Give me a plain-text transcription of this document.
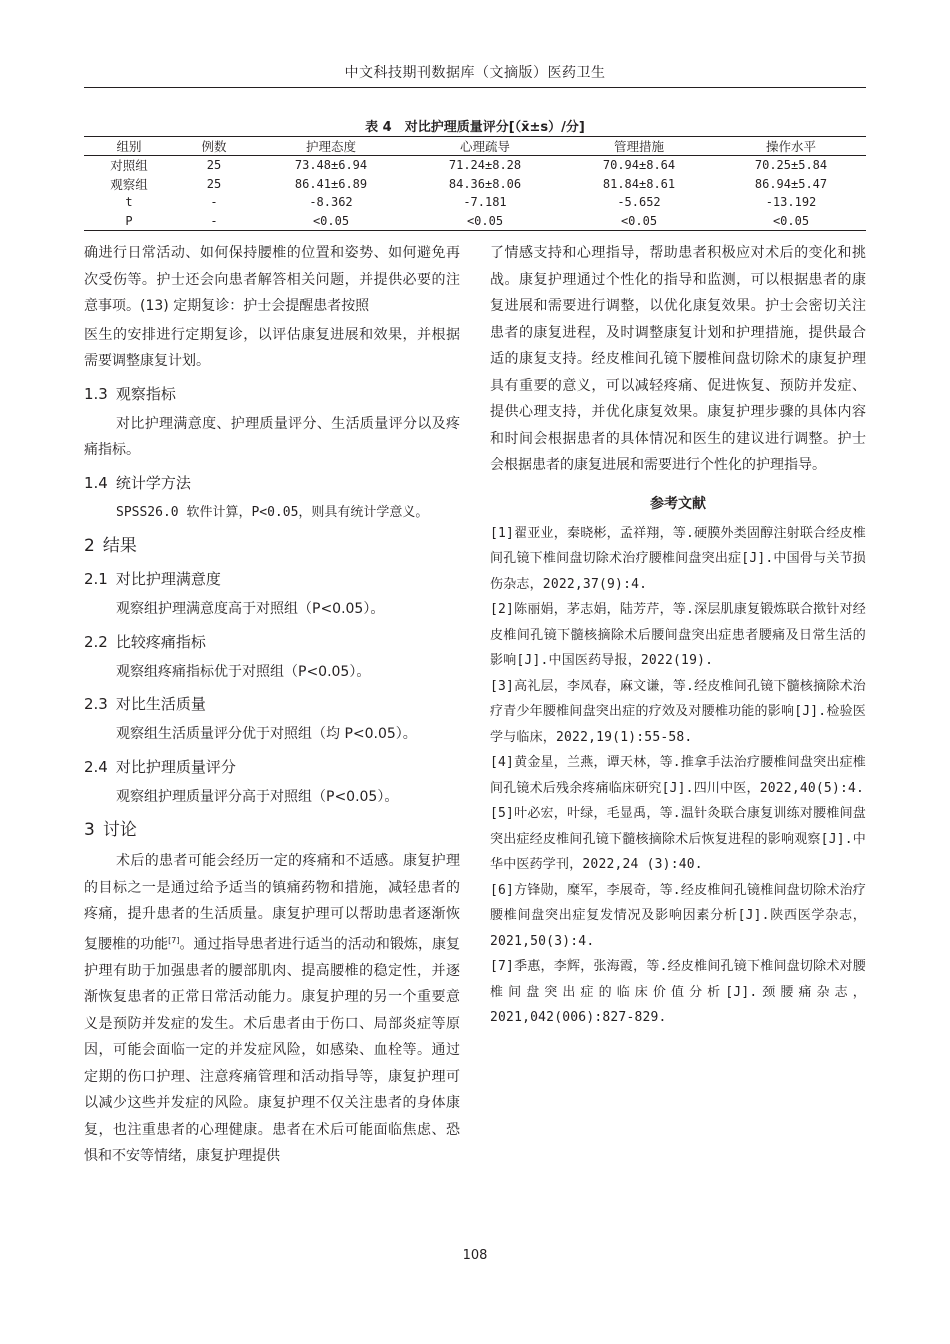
中文科技期刊数据库（文摘版）医药卫生
表 4　对比护理质量评分[（x̄±s）/分]
组别	例数	护理态度	心理疏导	管理措施	操作水平
对照组	25	73.48±6.94	71.24±8.28	70.94±8.64	70.25±5.84
观察组	25	86.41±6.89	84.36±8.06	81.84±8.61	86.94±5.47
t	-	-8.362	-7.181	-5.652	-13.192
P	-	<0.05	<0.05	<0.05	<0.05

确进行日常活动、如何保持腰椎的位置和姿势、如何避免再次受伤等。护士还会向患者解答相关问题，并提供必要的注意事项。(13) 定期复诊：护士会提醒患者按照

医生的安排进行定期复诊，以评估康复进展和效果，并根据需要调整康复计划。

1.3 观察指标

对比护理满意度、护理质量评分、生活质量评分以及疼痛指标。

1.4 统计学方法

SPSS26.0 软件计算，P<0.05，则具有统计学意义。

2 结果
2.1 对比护理满意度

观察组护理满意度高于对照组（P<0.05）。

2.2 比较疼痛指标

观察组疼痛指标优于对照组（P<0.05）。

2.3 对比生活质量

观察组生活质量评分优于对照组（均 P<0.05）。

2.4 对比护理质量评分

观察组护理质量评分高于对照组（P<0.05）。

3 讨论

术后的患者可能会经历一定的疼痛和不适感。康复护理的目标之一是通过给予适当的镇痛药物和措施，减轻患者的疼痛，提升患者的生活质量。康复护理可以帮助患者逐渐恢复腰椎的功能[7]。通过指导患者进行适当的活动和锻炼，康复护理有助于加强患者的腰部肌肉、提高腰椎的稳定性，并逐渐恢复患者的正常日常活动能力。康复护理的另一个重要意义是预防并发症的发生。术后患者由于伤口、局部炎症等原因，可能会面临一定的并发症风险，如感染、血栓等。通过定期的伤口护理、注意疼痛管理和活动指导等，康复护理可以减少这些并发症的风险。康复护理不仅关注患者的身体康复，也注重患者的心理健康。患者在术后可能面临焦虑、恐惧和不安等情绪，康复护理提供

了情感支持和心理指导，帮助患者积极应对术后的变化和挑战。康复护理通过个性化的指导和监测，可以根据患者的康复进展和需要进行调整，以优化康复效果。护士会密切关注患者的康复进程，及时调整康复计划和护理措施，提供最合适的康复支持。经皮椎间孔镜下腰椎间盘切除术的康复护理具有重要的意义，可以减轻疼痛、促进恢复、预防并发症、提供心理支持，并优化康复效果。康复护理步骤的具体内容和时间会根据患者的具体情况和医生的建议进行调整。护士会根据患者的康复进展和需要进行个性化的护理指导。

参考文献

[1]翟亚业，秦晓彬，孟祥翔，等.硬膜外类固醇注射联合经皮椎间孔镜下椎间盘切除术治疗腰椎间盘突出症[J].中国骨与关节损伤杂志，2022,37(9):4.

[2]陈丽娟，茅志娟，陆芳芹，等.深层肌康复锻炼联合揿针对经皮椎间孔镜下髓核摘除术后腰间盘突出症患者腰痛及日常生活的影响[J].中国医药导报，2022(19).

[3]高礼层，李凤春，麻文谦，等.经皮椎间孔镜下髓核摘除术治疗青少年腰椎间盘突出症的疗效及对腰椎功能的影响[J].检验医学与临床，2022,19(1):55-58.

[4]黄金星，兰燕，谭天林，等.推拿手法治疗腰椎间盘突出症椎间孔镜术后残余疼痛临床研究[J].四川中医，2022,40(5):4.

[5]叶必宏，叶绿，毛显禹，等.温针灸联合康复训练对腰椎间盘突出症经皮椎间孔镜下髓核摘除术后恢复进程的影响观察[J].中华中医药学刊，2022,24 (3):40.

[6]方锋勋，糜军，李展奇，等.经皮椎间孔镜椎间盘切除术治疗腰椎间盘突出症复发情况及影响因素分析[J].陕西医学杂志，2021,50(3):4.

[7]季惠，李辉，张海霞，等.经皮椎间孔镜下椎间盘切除术对腰椎间盘突出症的临床价值分析[J].颈腰痛杂志，2021,042(006):827-829.

108
